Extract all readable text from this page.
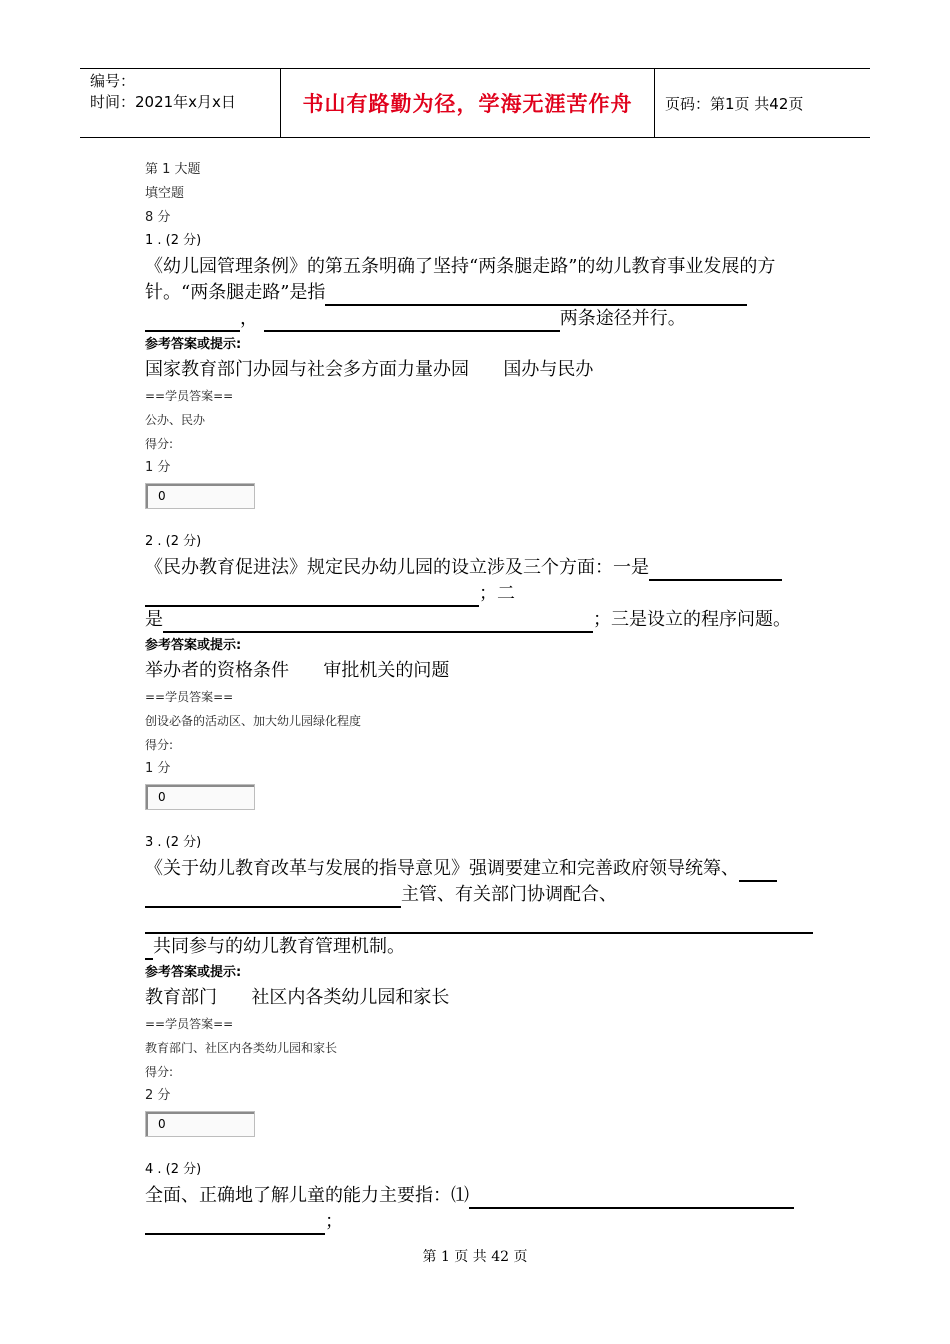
编号：
时间：2021年x月x日	书山有路勤为径，学海无涯苦作舟	页码：第1页 共42页
第 1 大题
填空题
8 分
1 . (2 分)
《幼儿园管理条例》的第五条明确了坚持“两条腿走路”的幼儿教育事业发展的方针。“两条腿走路”是指
，	两条途径并行。
参考答案或提示:
国家教育部门办园与社会多方面力量办园      国办与民办
==学员答案==
公办、民办
得分:
1 分
0
2 . (2 分)
《民办教育促进法》规定民办幼儿园的设立涉及三个方面：一是
；二
是	；三是设立的程序问题。
参考答案或提示:
举办者的资格条件      审批机关的问题
==学员答案==
创设必备的活动区、加大幼儿园绿化程度
得分:
1 分
0
3 . (2 分)
《关于幼儿教育改革与发展的指导意见》强调要建立和完善政府领导统筹、
主管、有关部门协调配合、

共同参与的幼儿教育管理机制。
参考答案或提示:
教育部门      社区内各类幼儿园和家长
==学员答案==
教育部门、社区内各类幼儿园和家长
得分:
2 分
0
4 . (2 分)
全面、正确地了解儿童的能力主要指：⑴
；
第 1 页 共 42 页
